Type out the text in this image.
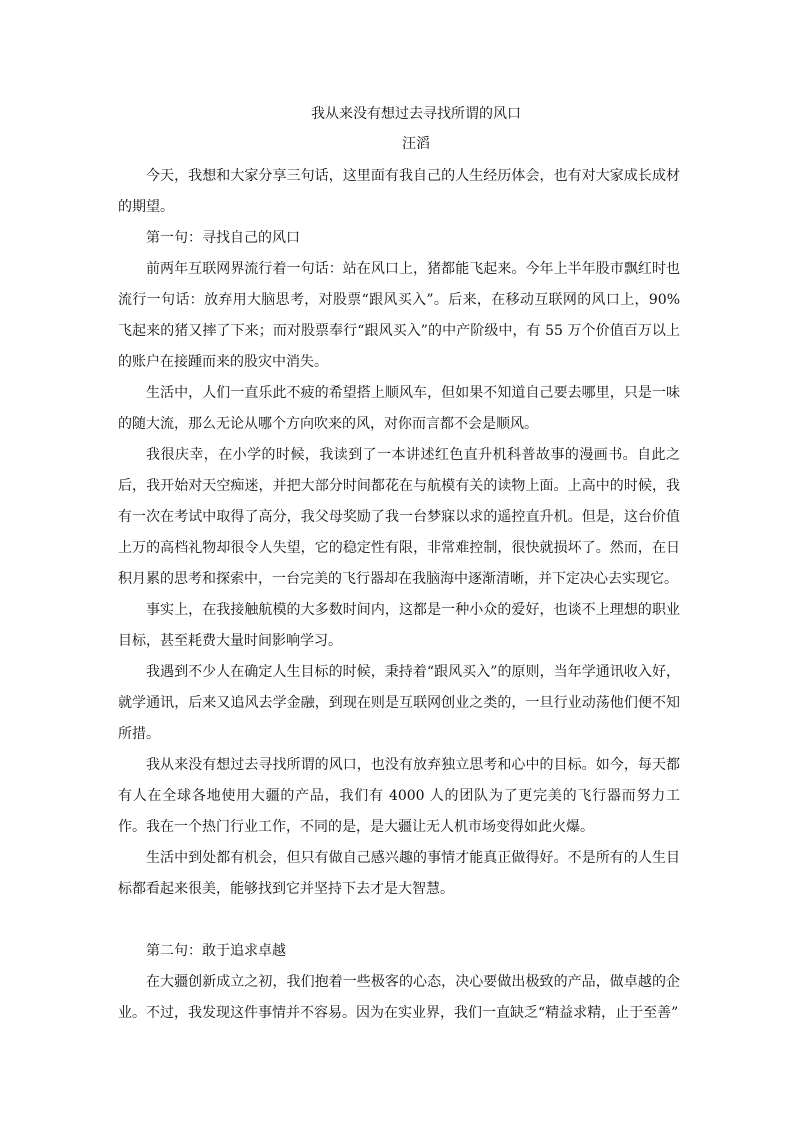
我从来没有想过去寻找所谓的风口
汪滔

今天，我想和大家分享三句话，这里面有我自己的人生经历体会，也有对大家成长成材的期望。

第一句：寻找自己的风口

前两年互联网界流行着一句话：站在风口上，猪都能飞起来。今年上半年股市飘红时也流行一句话：放弃用大脑思考，对股票“跟风买入”。后来，在移动互联网的风口上，90%飞起来的猪又摔了下来；而对股票奉行“跟风买入”的中产阶级中，有 55 万个价值百万以上的账户在接踵而来的股灾中消失。

生活中，人们一直乐此不疲的希望搭上顺风车，但如果不知道自己要去哪里，只是一味的随大流，那么无论从哪个方向吹来的风，对你而言都不会是顺风。

我很庆幸，在小学的时候，我读到了一本讲述红色直升机科普故事的漫画书。自此之后，我开始对天空痴迷，并把大部分时间都花在与航模有关的读物上面。上高中的时候，我有一次在考试中取得了高分，我父母奖励了我一台梦寐以求的遥控直升机。但是，这台价值上万的高档礼物却很令人失望，它的稳定性有限，非常难控制，很快就损坏了。然而，在日积月累的思考和探索中，一台完美的飞行器却在我脑海中逐渐清晰，并下定决心去实现它。

事实上，在我接触航模的大多数时间内，这都是一种小众的爱好，也谈不上理想的职业目标，甚至耗费大量时间影响学习。

我遇到不少人在确定人生目标的时候，秉持着“跟风买入”的原则，当年学通讯收入好，就学通讯，后来又追风去学金融，到现在则是互联网创业之类的，一旦行业动荡他们便不知所措。

我从来没有想过去寻找所谓的风口，也没有放弃独立思考和心中的目标。如今，每天都有人在全球各地使用大疆的产品，我们有 4000 人的团队为了更完美的飞行器而努力工作。我在一个热门行业工作，不同的是，是大疆让无人机市场变得如此火爆。

生活中到处都有机会，但只有做自己感兴趣的事情才能真正做得好。不是所有的人生目标都看起来很美，能够找到它并坚持下去才是大智慧。

第二句：敢于追求卓越

在大疆创新成立之初，我们抱着一些极客的心态，决心要做出极致的产品，做卓越的企业。不过，我发现这件事情并不容易。因为在实业界，我们一直缺乏“精益求精，止于至善”
